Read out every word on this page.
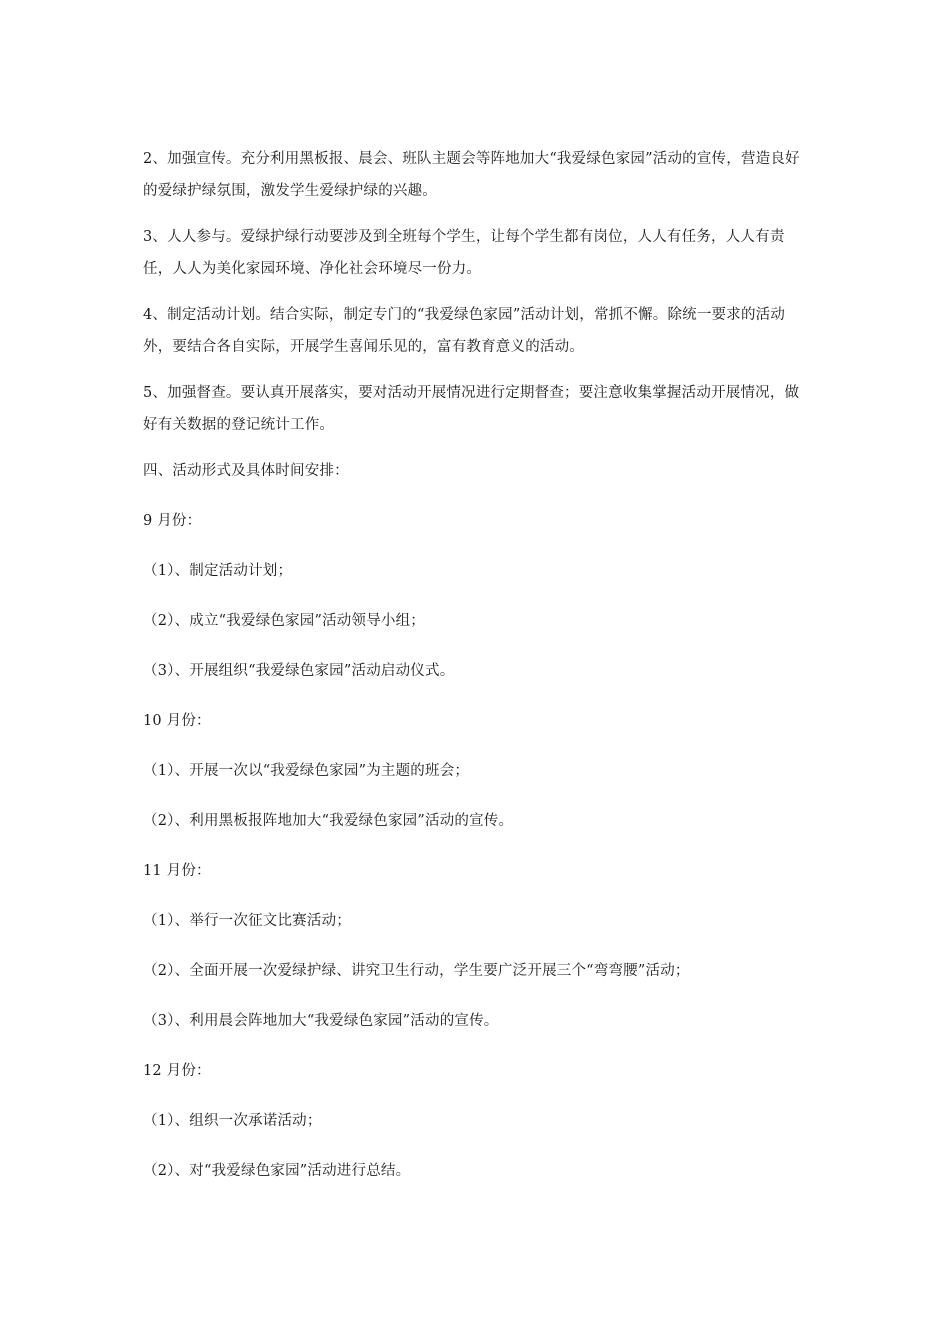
2、加强宣传。充分利用黑板报、晨会、班队主题会等阵地加大“我爱绿色家园”活动的宣传，营造良好的爱绿护绿氛围，激发学生爱绿护绿的兴趣。

3、人人参与。爱绿护绿行动要涉及到全班每个学生，让每个学生都有岗位，人人有任务，人人有责任，人人为美化家园环境、净化社会环境尽一份力。

4、制定活动计划。结合实际，制定专门的“我爱绿色家园”活动计划，常抓不懈。除统一要求的活动外，要结合各自实际，开展学生喜闻乐见的，富有教育意义的活动。

5、加强督查。要认真开展落实，要对活动开展情况进行定期督查；要注意收集掌握活动开展情况，做好有关数据的登记统计工作。

四、活动形式及具体时间安排：

9 月份：

（1）、制定活动计划；

（2）、成立“我爱绿色家园”活动领导小组；

（3）、开展组织“我爱绿色家园”活动启动仪式。

10 月份：

（1）、开展一次以“我爱绿色家园”为主题的班会；

（2）、利用黑板报阵地加大“我爱绿色家园”活动的宣传。

11 月份：

（1）、举行一次征文比赛活动；

（2）、全面开展一次爱绿护绿、讲究卫生行动，学生要广泛开展三个“弯弯腰”活动；

（3）、利用晨会阵地加大“我爱绿色家园”活动的宣传。

12 月份：

（1）、组织一次承诺活动；

（2）、对“我爱绿色家园”活动进行总结。
